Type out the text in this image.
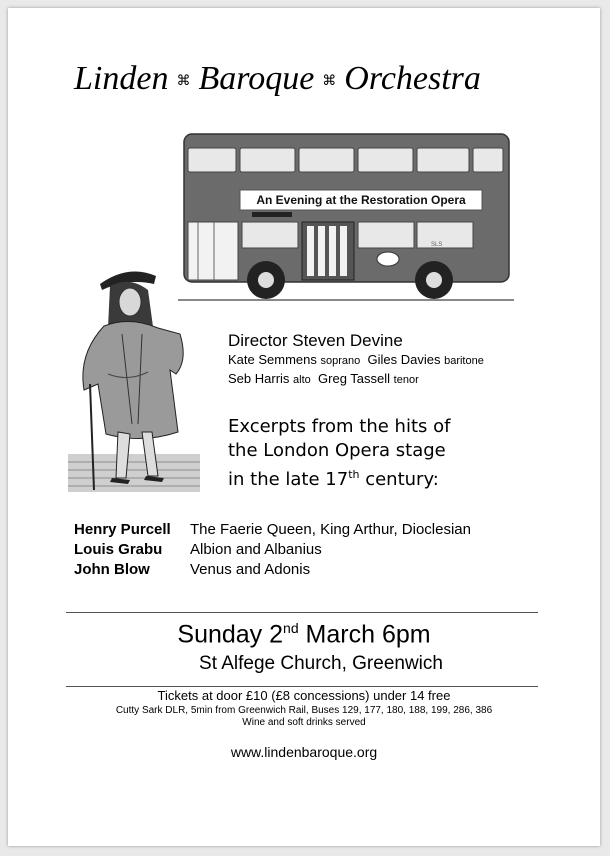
Linden ⌘ Baroque ⌘ Orchestra
An Evening at the Restoration Opera
SLS
Director Steven Devine
Kate Semmens soprano Giles Davies baritone
Seb Harris alto Greg Tassell tenor
Excerpts from the hits of
the London Opera stage
in the late 17th century:
Henry Purcell	The Faerie Queen, King Arthur, Dioclesian
Louis Grabu	Albion and Albanius
John Blow	Venus and Adonis
Sunday 2nd March 6pm
St Alfege Church, Greenwich
Tickets at door £10 (£8 concessions) under 14 free
Cutty Sark DLR, 5min from Greenwich Rail, Buses 129, 177, 180, 188, 199, 286, 386
Wine and soft drinks served
www.lindenbaroque.org
